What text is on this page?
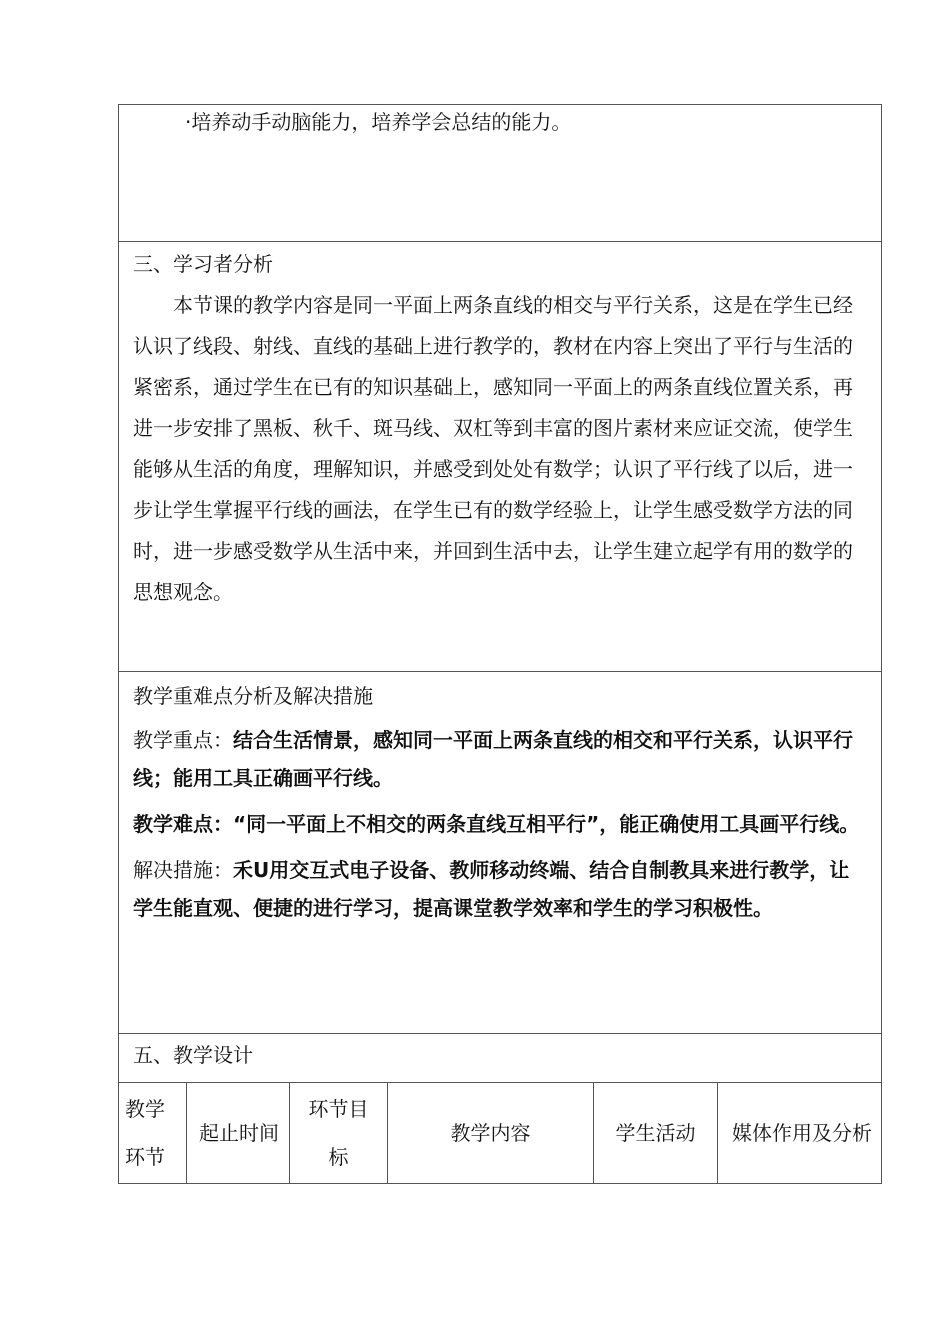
·培养动手动脑能力，培养学会总结的能力。

三、学习者分析
本节课的教学内容是同一平面上两条直线的相交与平行关系，这是在学生已经认识了线段、射线、直线的基础上进行教学的，教材在内容上突出了平行与生活的紧密系，通过学生在已有的知识基础上，感知同一平面上的两条直线位置关系，再进一步安排了黑板、秋千、斑马线、双杠等到丰富的图片素材来应证交流，使学生能够从生活的角度，理解知识，并感受到处处有数学；认识了平行线了以后，进一步让学生掌握平行线的画法，在学生已有的数学经验上，让学生感受数学方法的同时，进一步感受数学从生活中来，并回到生活中去，让学生建立起学有用的数学的思想观念。

教学重难点分析及解决措施

教学重点：结合生活情景，感知同一平面上两条直线的相交和平行关系，认识平行线；能用工具正确画平行线。

教学难点：“同一平面上不相交的两条直线互相平行”，能正确使用工具画平行线。

解决措施：禾U用交互式电子设备、教师移动终端、结合自制教具来进行教学，让学生能直观、便捷的进行学习，提高课堂教学效率和学生的学习积极性。

五、教学设计

教学环节	起止时间	环节目标	教学内容	学生活动	媒体作用及分析
